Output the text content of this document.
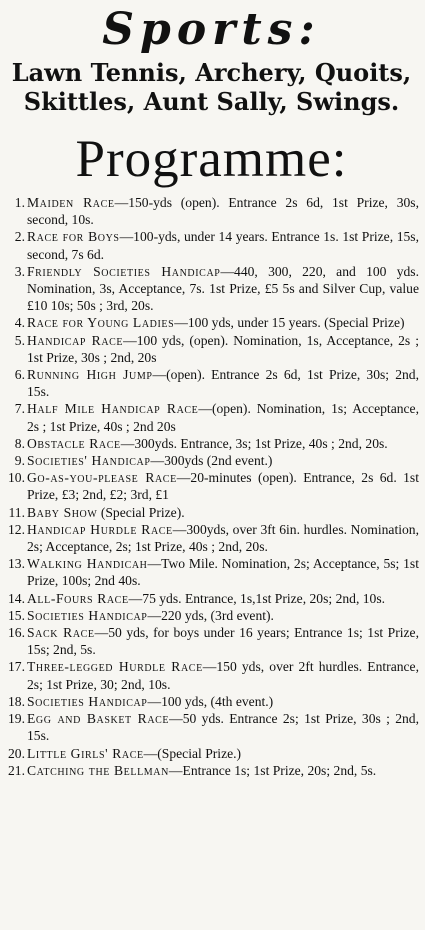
Sports:
Lawn Tennis, Archery, Quoits, Skittles, Aunt Sally, Swings.
Programme:
1. Maiden Race—150-yds (open). Entrance 2s 6d, 1st Prize, 30s, second, 10s.
2. Race for Boys—100-yds, under 14 years. Entrance 1s. 1st Prize, 15s, second, 7s 6d.
3. Friendly Societies Handicap—440, 300, 220, and 100 yds. Nomination, 3s, Acceptance, 7s. 1st Prize, £5 5s and Silver Cup, value £10 10s; 50s ; 3rd, 20s.
4. Race for Young Ladies—100 yds, under 15 years. (Special Prize)
5. Handicap Race—100 yds, (open). Nomination, 1s, Acceptance, 2s ; 1st Prize, 30s ; 2nd, 20s
6. Running High Jump—(open). Entrance 2s 6d, 1st Prize, 30s; 2nd, 15s.
7. Half Mile Handicap Race—(open). Nomination, 1s; Acceptance, 2s ; 1st Prize, 40s ; 2nd 20s
8. Obstacle Race—300yds. Entrance, 3s; 1st Prize, 40s ; 2nd, 20s.
9. Societies' Handicap—300yds (2nd event.)
10. Go-as-you-please Race—20-minutes (open). Entrance, 2s 6d. 1st Prize, £3; 2nd, £2; 3rd, £1
11. Baby Show (Special Prize).
12. Handicap Hurdle Race—300yds, over 3ft 6in. hurdles. Nomination, 2s; Acceptance, 2s; 1st Prize, 40s ; 2nd, 20s.
13. Walking Handicah—Two Mile. Nomination, 2s; Acceptance, 5s; 1st Prize, 100s; 2nd 40s.
14. All-Fours Race—75 yds. Entrance, 1s,1st Prize, 20s; 2nd, 10s.
15. Societies Handicap—220 yds, (3rd event).
16. Sack Race—50 yds, for boys under 16 years; Entrance 1s; 1st Prize, 15s; 2nd, 5s.
17. Three-legged Hurdle Race—150 yds, over 2ft hurdles. Entrance, 2s; 1st Prize, 30; 2nd, 10s.
18. Societies Handicap—100 yds, (4th event.)
19. Egg and Basket Race—50 yds. Entrance 2s; 1st Prize, 30s ; 2nd, 15s.
20. Little Girls' Race—(Special Prize.)
21. Catching the Bellman—Entrance 1s; 1st Prize, 20s; 2nd, 5s.
